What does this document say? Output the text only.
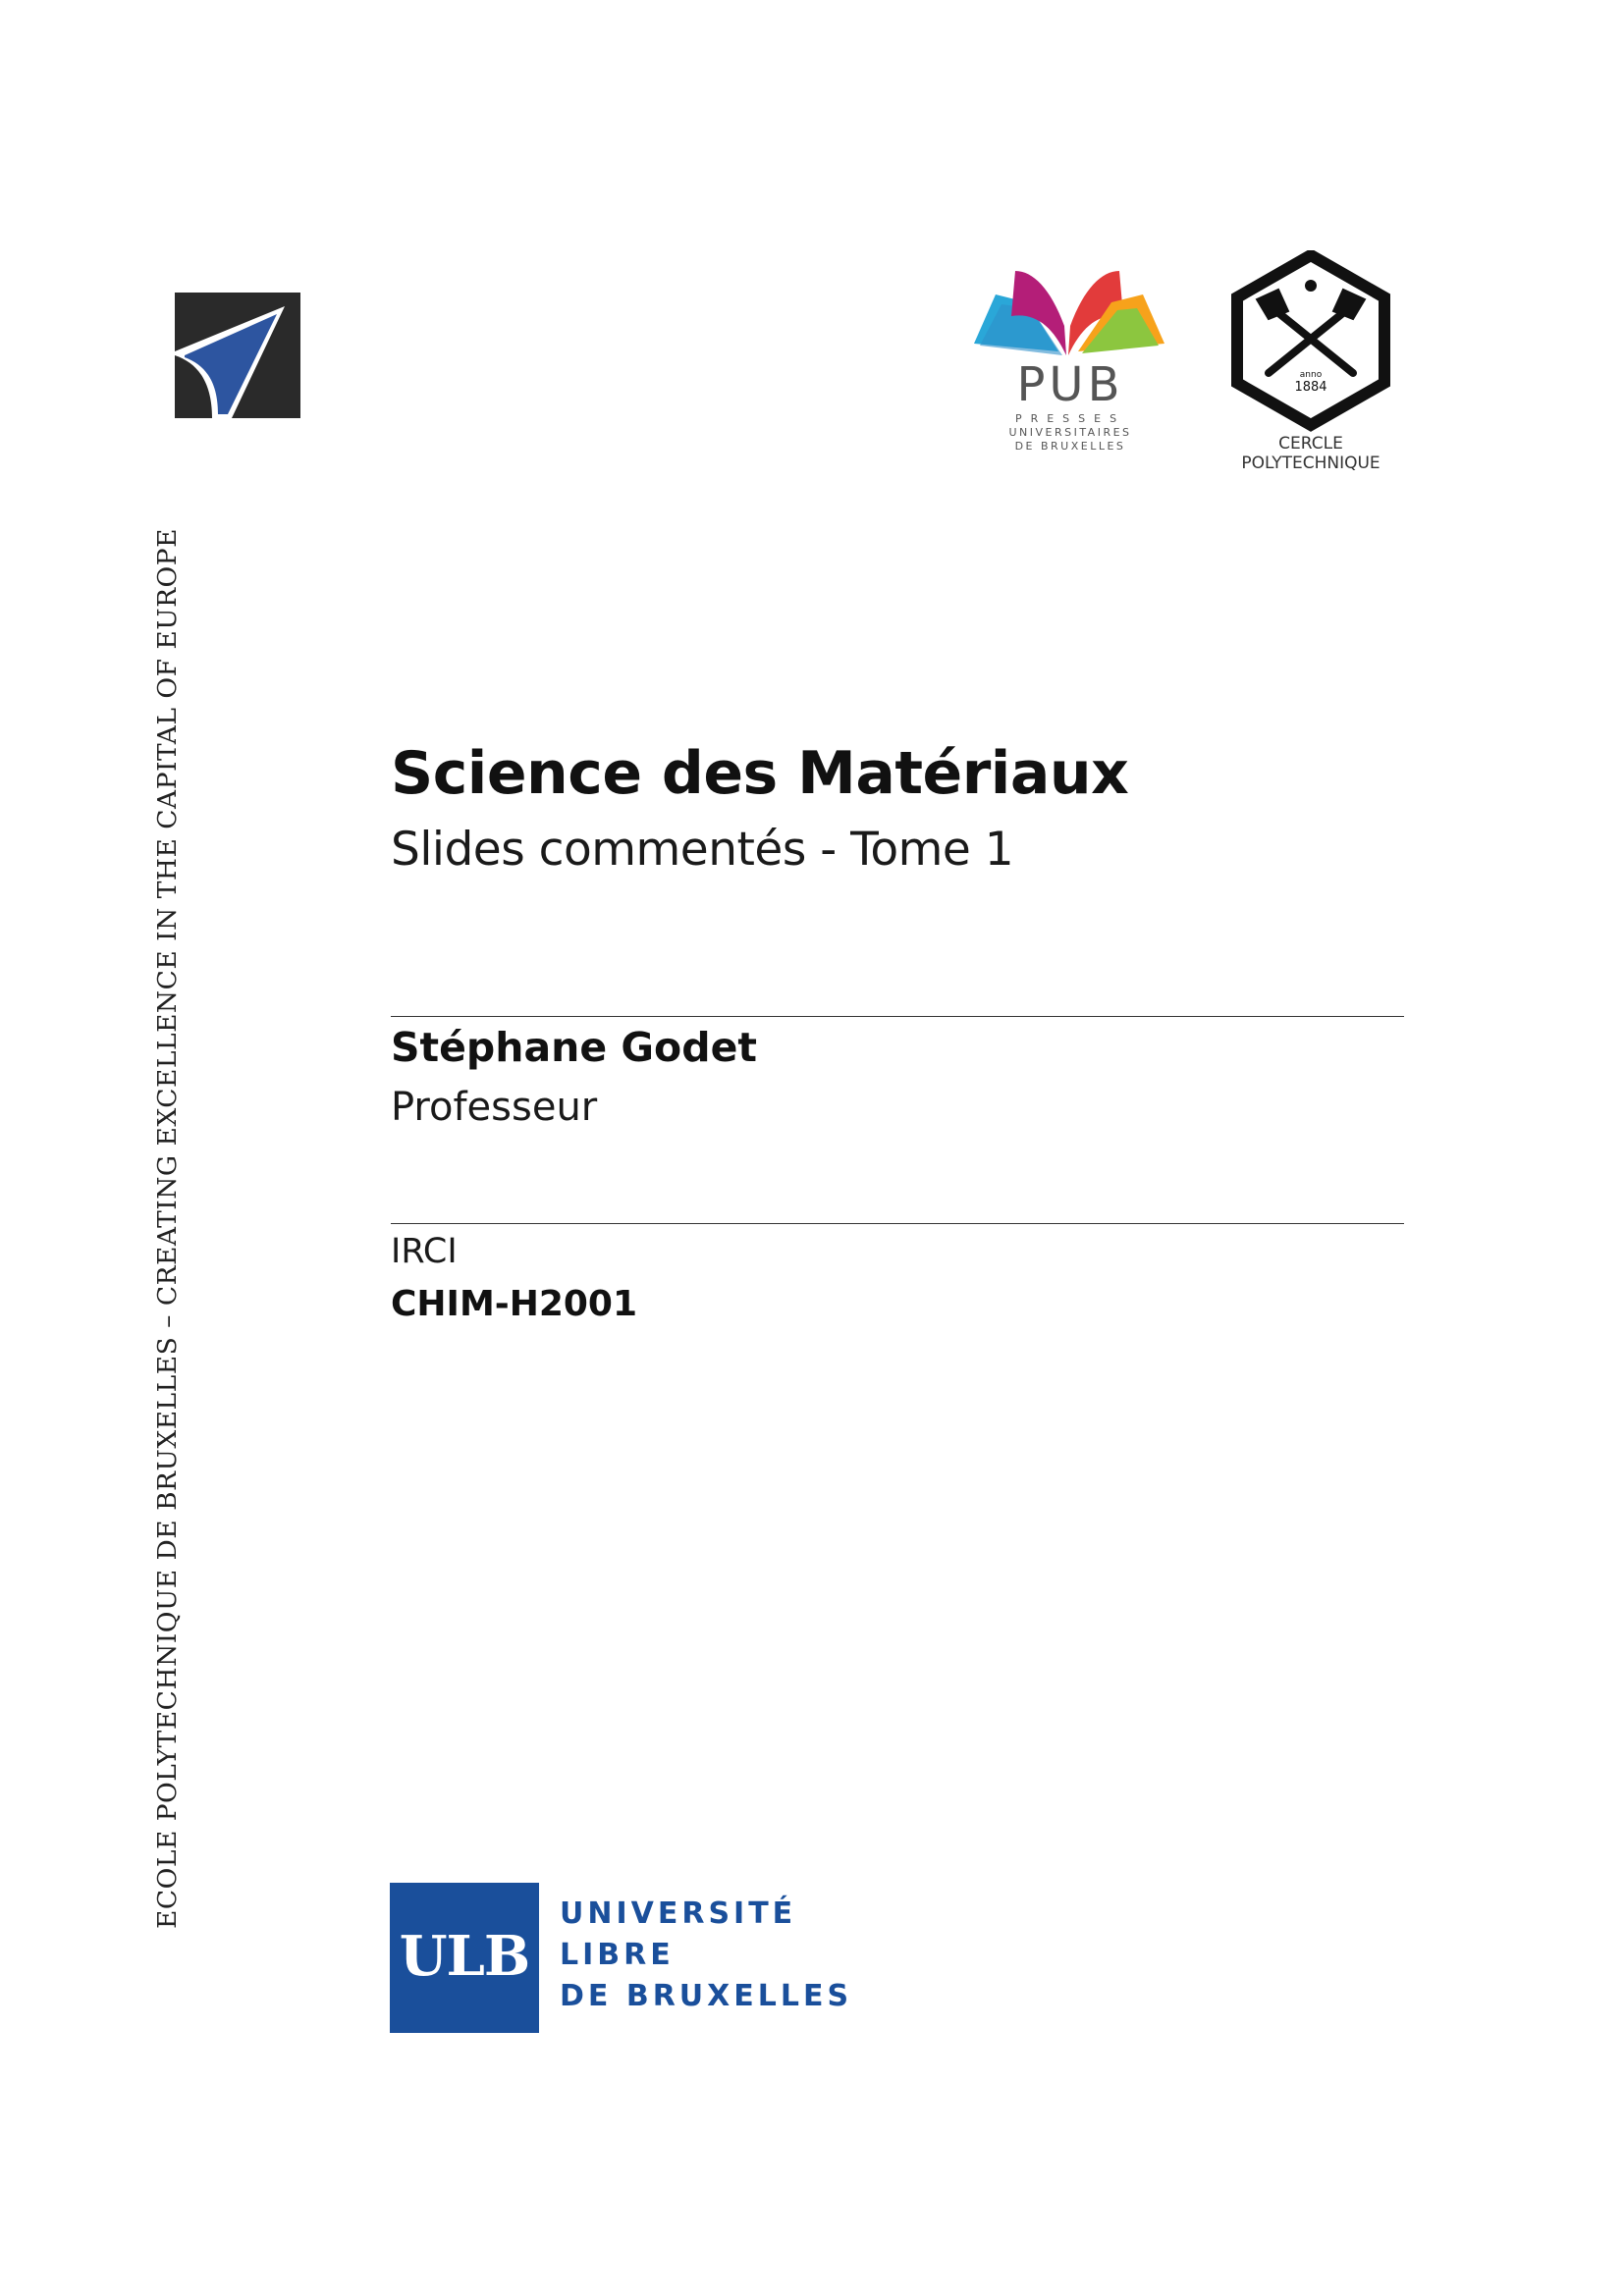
ECOLE POLYTECHNIQUE DE BRUXELLES – CREATING EXCELLENCE IN THE CAPITAL OF EUROPE
PUB
PRESSES
UNIVERSITAIRES
DE BRUXELLES
anno
1884
CERCLE
POLYTECHNIQUE
Science des Matériaux
Slides commentés - Tome 1
Stéphane Godet
Professeur
IRCI
CHIM-H2001
ULB
UNIVERSITÉ
LIBRE
DE BRUXELLES
